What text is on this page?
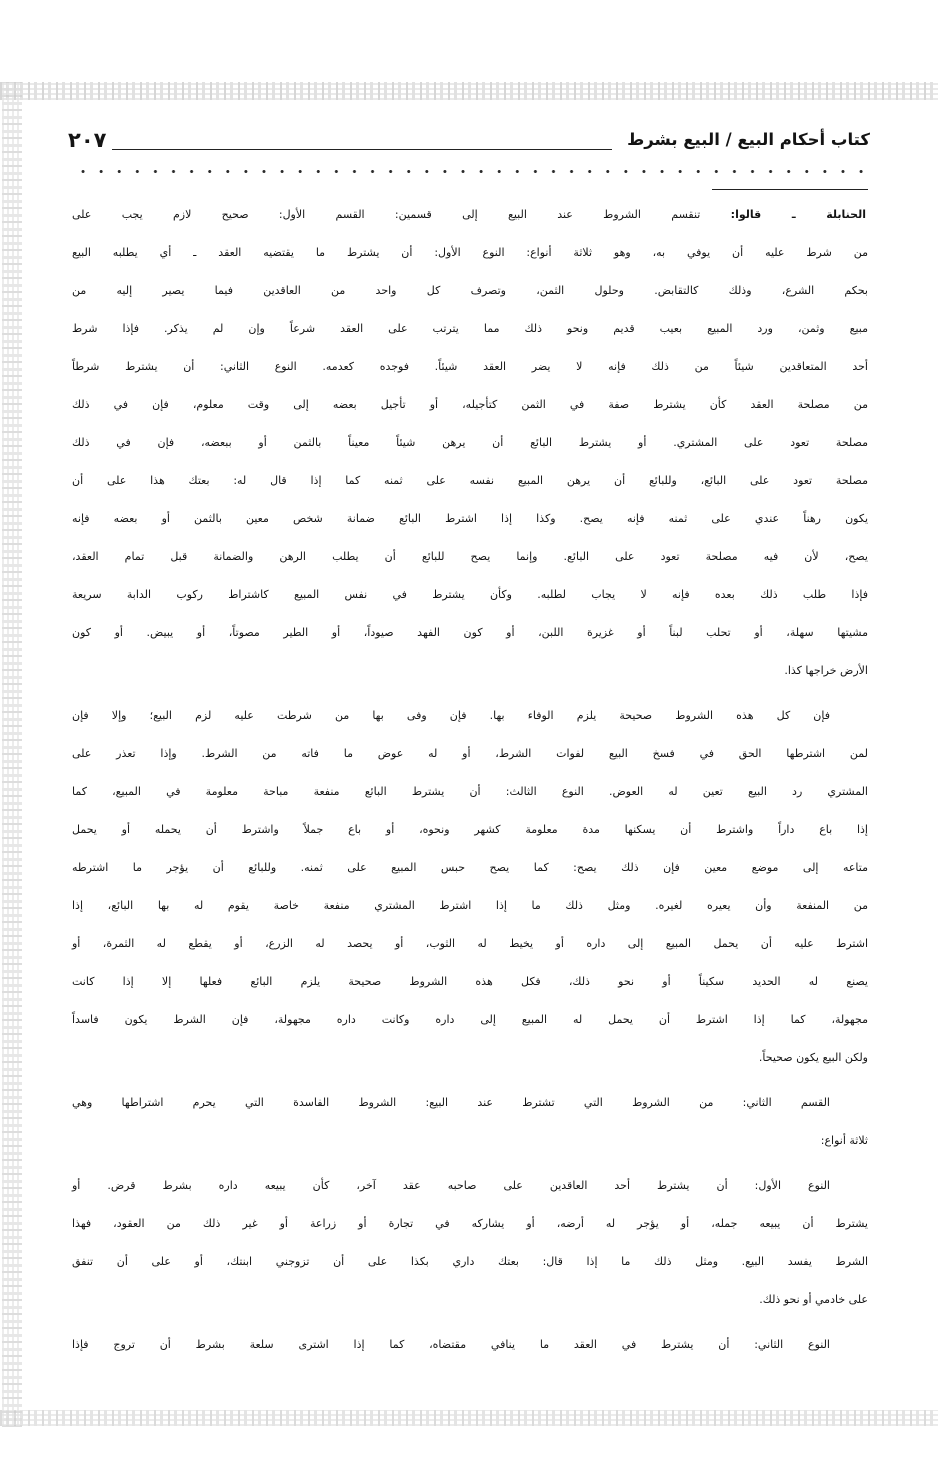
كتاب أحكام البيع / البيع بشرط
٢٠٧
الحنابلة ـ قالوا: تنقسم الشروط عند البيع إلى قسمين: القسم الأول: صحيح لازم يجب على
من شرط عليه أن يوفي به، وهو ثلاثة أنواع: النوع الأول: أن يشترط ما يقتضيه العقد ـ أي يطلبه البيع
بحكم الشرع، وذلك كالتقابض. وحلول الثمن، وتصرف كل واحد من العاقدين فيما يصير إليه من
مبيع وثمن، ورد المبيع بعيب قديم ونحو ذلك مما يترتب على العقد شرعاً وإن لم يذكر. فإذا شرط
أحد المتعاقدين شيئاً من ذلك فإنه لا يضر العقد شيئاً. فوجده كعدمه. النوع الثاني: أن يشترط شرطاً
من مصلحة العقد كأن يشترط صفة في الثمن كتأجيله، أو تأجيل بعضه إلى وقت معلوم، فإن في ذلك
مصلحة تعود على المشتري. أو يشترط البائع أن يرهن شيئاً معيناً بالثمن أو ببعضه، فإن في ذلك
مصلحة تعود على البائع، وللبائع أن يرهن المبيع نفسه على ثمنه كما إذا قال له: بعتك هذا على أن
يكون رهناً عندي على ثمنه فإنه يصح. وكذا إذا اشترط البائع ضمانة شخص معين بالثمن أو بعضه فإنه
يصح، لأن فيه مصلحة تعود على البائع. وإنما يصح للبائع أن يطلب الرهن والضمانة قبل تمام العقد،
فإذا طلب ذلك بعده فإنه لا يجاب لطلبه. وكأن يشترط في نفس المبيع كاشتراط ركوب الدابة سريعة
مشيتها سهلة، أو تحلب لبناً أو غزيرة اللبن، أو كون الفهد صيوداً، أو الطير مصوتاً، أو يبيض. أو كون
الأرض خراجها كذا.
فإن كل هذه الشروط صحيحة يلزم الوفاء بها. فإن وفى بها من شرطت عليه لزم البيع؛ وإلا فإن
لمن اشترطها الحق في فسخ البيع لفوات الشرط، أو له عوض ما فاته من الشرط. وإذا تعذر على
المشتري رد البيع تعين له العوض. النوع الثالث: أن يشترط البائع منفعة مباحة معلومة في المبيع، كما
إذا باع داراً واشترط أن يسكنها مدة معلومة كشهر ونحوه، أو باع جملاً واشترط أن يحمله أو يحمل
متاعه إلى موضع معين فإن ذلك يصح: كما يصح حبس المبيع على ثمنه. وللبائع أن يؤجر ما اشترطه
من المنفعة وأن يعيره لغيره. ومثل ذلك ما إذا اشترط المشتري منفعة خاصة يقوم له بها البائع، إذا
اشترط عليه أن يحمل المبيع إلى داره أو يخيط له الثوب، أو يحصد له الزرع، أو يقطع له الثمرة، أو
يصنع له الحديد سكيناً أو نحو ذلك، فكل هذه الشروط صحيحة يلزم البائع فعلها إلا إذا كانت
مجهولة، كما إذا اشترط أن يحمل له المبيع إلى داره وكانت داره مجهولة، فإن الشرط يكون فاسداً
ولكن البيع يكون صحيحاً.
القسم الثاني: من الشروط التي تشترط عند البيع: الشروط الفاسدة التي يحرم اشتراطها وهي
ثلاثة أنواع:
النوع الأول: أن يشترط أحد العاقدين على صاحبه عقد آخر، كأن يبيعه داره بشرط قرض. أو
يشترط أن يبيعه جمله، أو يؤجر له أرضه، أو يشاركه في تجارة أو زراعة أو غير ذلك من العقود، فهذا
الشرط يفسد البيع. ومثل ذلك ما إذا قال: بعتك داري بكذا على أن تزوجني ابنتك، أو على أن تنفق
على خادمي أو نحو ذلك.
النوع الثاني: أن يشترط في العقد ما ينافي مقتضاه، كما إذا اشترى سلعة بشرط أن تروج فإذا
